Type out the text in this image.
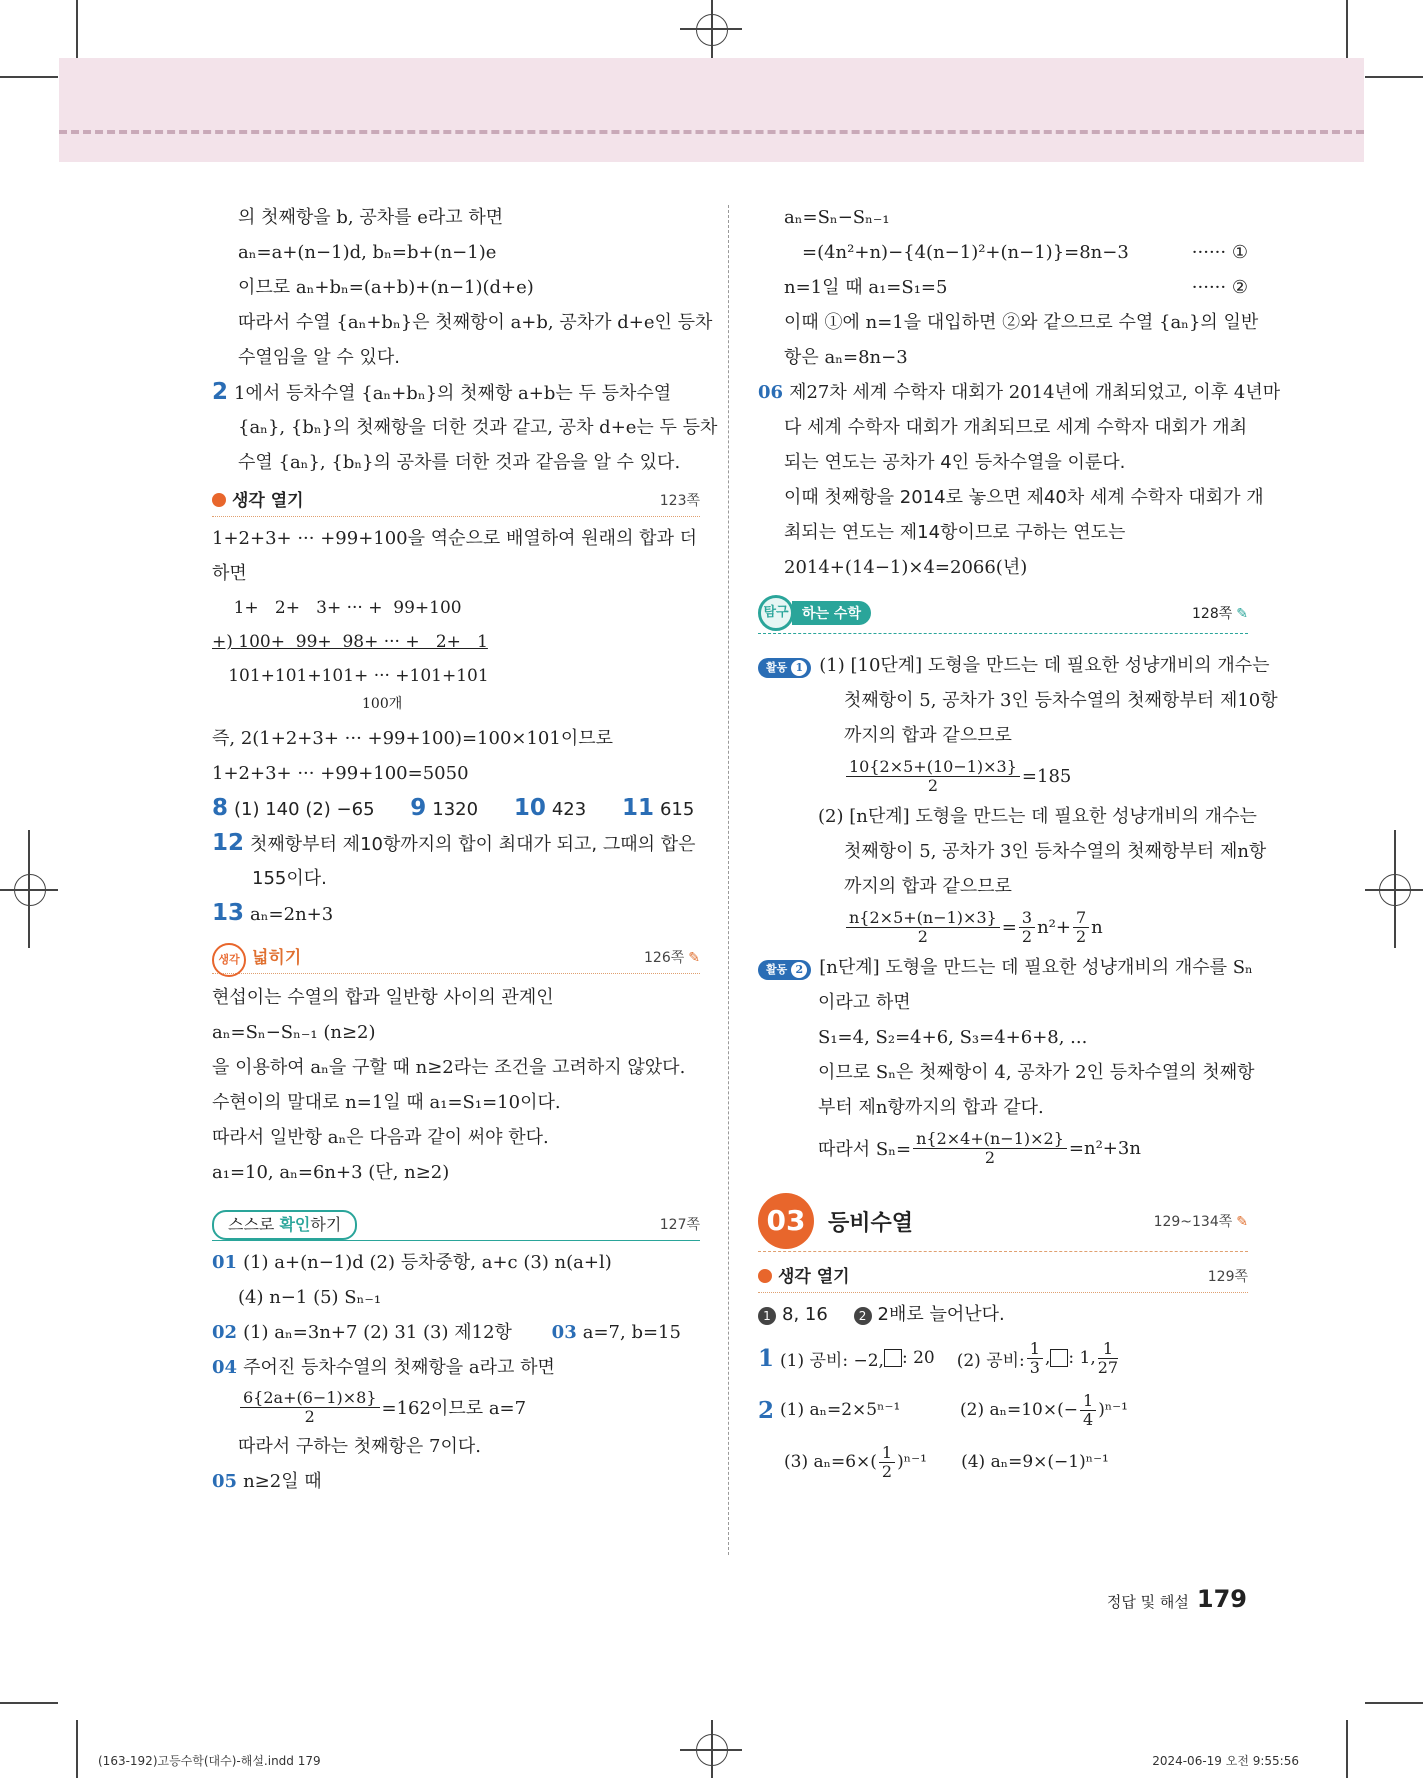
의 첫째항을 b, 공차를 e라고 하면
aₙ=a+(n−1)d, bₙ=b+(n−1)e
이므로 aₙ+bₙ=(a+b)+(n−1)(d+e)
따라서 수열 {aₙ+bₙ}은 첫째항이 a+b, 공차가 d+e인 등차
수열임을 알 수 있다.
2 1에서 등차수열 {aₙ+bₙ}의 첫째항 a+b는 두 등차수열
{aₙ}, {bₙ}의 첫째항을 더한 것과 같고, 공차 d+e는 두 등차
수열 {aₙ}, {bₙ}의 공차를 더한 것과 같음을 알 수 있다.
생각 열기	123쪽
1+2+3+ ··· +99+100을 역순으로 배열하여 원래의 합과 더
하면
1+   2+   3+ ··· +  99+100
+) 100+  99+  98+ ··· +   2+   1
101+101+101+ ··· +101+101
100개
즉, 2(1+2+3+ ··· +99+100)=100×101이므로
1+2+3+ ··· +99+100=5050
8 (1) 140 (2) −65 9 1320 10 423 11 615
12 첫째항부터 제10항까지의 합이 최대가 되고, 그때의 합은
155이다.
13 aₙ=2n+3
생각 넓히기	126쪽 ✎
현섭이는 수열의 합과 일반항 사이의 관계인
aₙ=Sₙ−Sₙ₋₁ (n≥2)
을 이용하여 aₙ을 구할 때 n≥2라는 조건을 고려하지 않았다.
수현이의 말대로 n=1일 때 a₁=S₁=10이다.
따라서 일반항 aₙ은 다음과 같이 써야 한다.
a₁=10, aₙ=6n+3 (단, n≥2)
스스로 확인하기	127쪽
01 (1) a+(n−1)d (2) 등차중항, a+c (3) n(a+l)
(4) n−1 (5) Sₙ₋₁
02 (1) aₙ=3n+7 (2) 31 (3) 제12항 03 a=7, b=15
04 주어진 등차수열의 첫째항을 a라고 하면
$\frac{6\{2a+(6-1)\times 8\}}{2} =162$이므로 a=7
따라서 구하는 첫째항은 7이다.
05 n≥2일 때
aₙ=Sₙ−Sₙ₋₁
=(4n²+n)−{4(n−1)²+(n−1)}=8n−3	······ ①
n=1일 때 a₁=S₁=5	······ ②
이때 ①에 n=1을 대입하면 ②와 같으므로 수열 {aₙ}의 일반
항은 aₙ=8n−3
06 제27차 세계 수학자 대회가 2014년에 개최되었고, 이후 4년마
다 세계 수학자 대회가 개최되므로 세계 수학자 대회가 개최
되는 연도는 공차가 4인 등차수열을 이룬다.
이때 첫째항을 2014로 놓으면 제40차 세계 수학자 대회가 개
최되는 연도는 제14항이므로 구하는 연도는
2014+(14−1)×4=2066(년)
탐구 하는 수학	128쪽 ✎
활동 1 (1) [10단계] 도형을 만드는 데 필요한 성냥개비의 개수는
첫째항이 5, 공차가 3인 등차수열의 첫째항부터 제10항
까지의 합과 같으므로
$\frac{10\{2\times 5+(10-1)\times 3\}}{2} =185$
(2) [n단계] 도형을 만드는 데 필요한 성냥개비의 개수는
첫째항이 5, 공차가 3인 등차수열의 첫째항부터 제n항
까지의 합과 같으므로
$\frac{n\{2\times 5+(n-1)\times 3\}}{2} = \frac{3}{2} n^2+ \frac{7}{2}$ n
활동 2 [n단계] 도형을 만드는 데 필요한 성냥개비의 개수를 Sₙ
이라고 하면
S₁=4, S₂=4+6, S₃=4+6+8, ...
이므로 Sₙ은 첫째항이 4, 공차가 2인 등차수열의 첫째항
부터 제n항까지의 합과 같다.
따라서 $S_n= \frac{n\{2\times 4+(n-1)\times 2\}}{2} =n^2+3n$
03	등비수열	129~134쪽 ✎
생각 열기	129쪽
1 8, 16	2 2배로 늘어난다.
1 (1) 공비: −2, : 20 (2) 공비: $\frac{1}{3}$ , : 1, $\frac{1}{27}$
2 (1) aₙ=2×5ⁿ⁻¹	(2) $a_n=10\times(- \frac{1}{4} )^{n-1}$
(3) $a_n=6\times( \frac{1}{2} )^{n-1}$	(4) aₙ=9×(−1)ⁿ⁻¹
정답 및 해설 179
(163-192)고등수학(대수)-해설.indd 179	2024-06-19 오전 9:55:56
